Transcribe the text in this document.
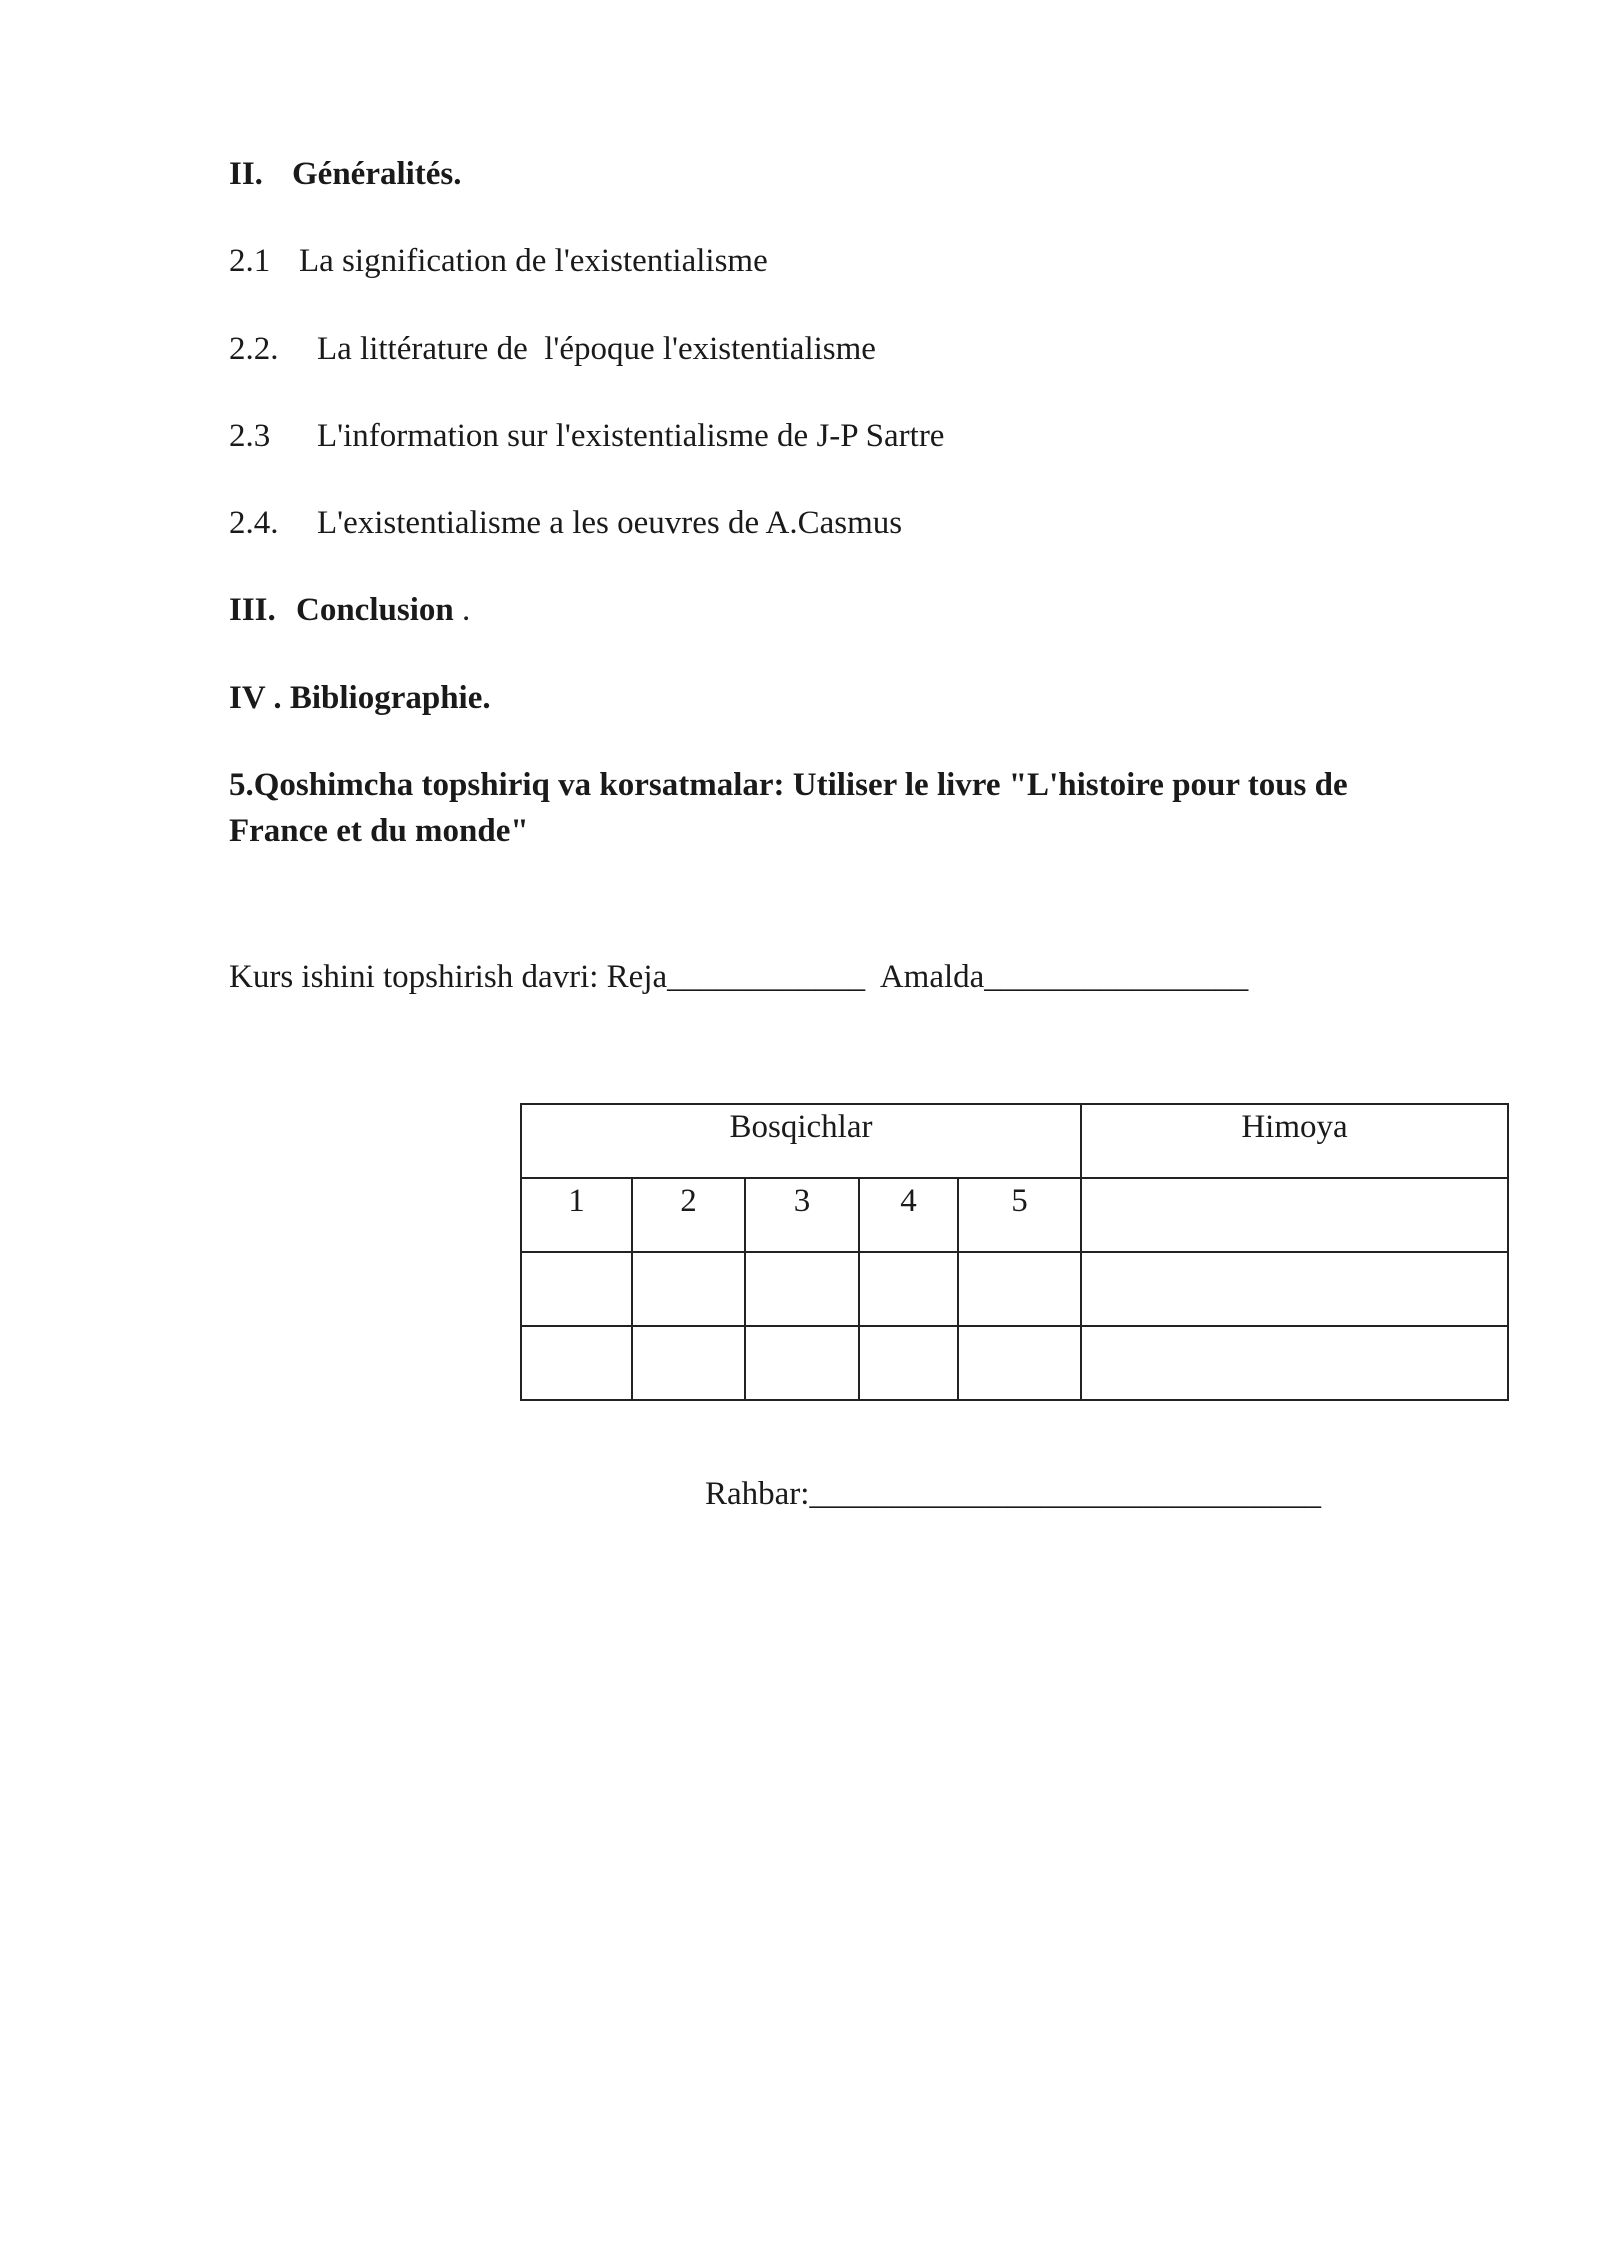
II. Généralités.
2.1 La signification de l'existentialisme
2.2. La littérature de  l'époque l'existentialisme
2.3 L'information sur l'existentialisme de J-P Sartre
2.4. L'existentialisme a les oeuvres de A.Casmus
III. Conclusion .
IV . Bibliographie.
5.Qoshimcha topshiriq va korsatmalar: Utiliser le livre "L'histoire pour tous de France et du monde"
Kurs ishini topshirish davri: Reja____________ Amalda________________
Bosqichlar					Himoya
1	2	3	4	5	

Rahbar:_______________________________
